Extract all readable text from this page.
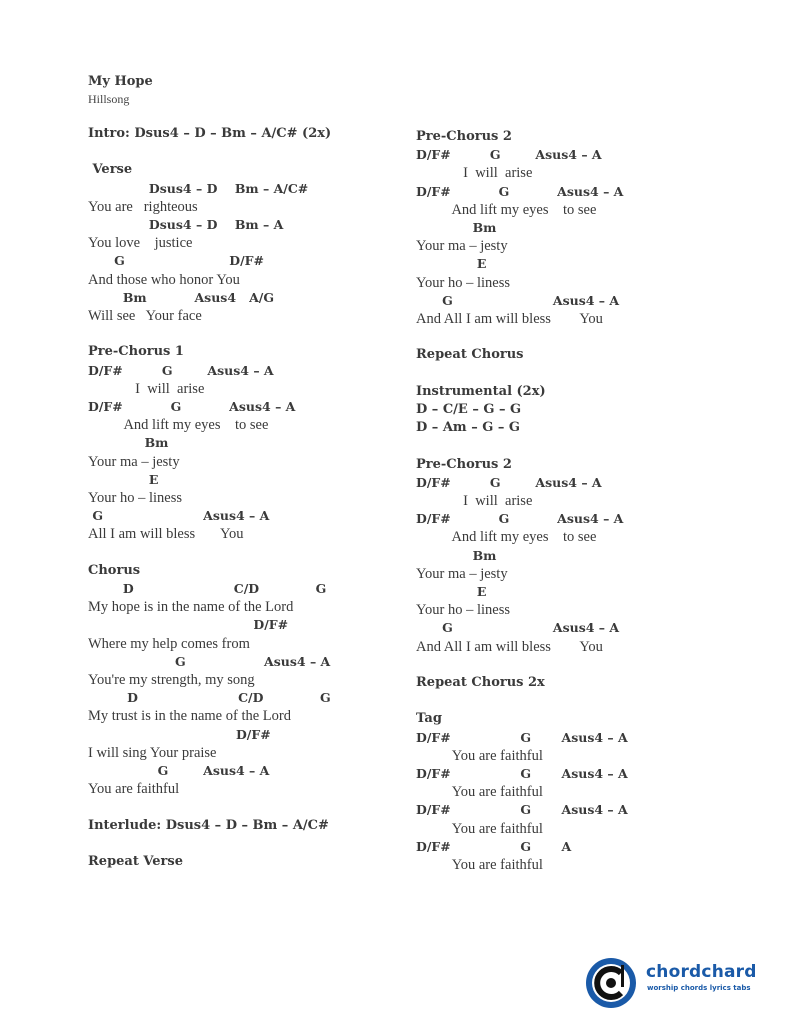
My Hope
Hillsong
Intro: Dsus4 – D – Bm – A/C# (2x)
Verse
Dsus4 – D    Bm – A/C#
You are   righteous
Dsus4 – D    Bm – A
You love    justice
G                        D/F#
And those who honor You
Bm           Asus4   A/G
Will see   Your face
Pre-Chorus 1
D/F#         G        Asus4 – A
I  will  arise
D/F#           G           Asus4 – A
And lift my eyes    to see
Bm
Your ma – jesty
E
Your ho – liness
G                       Asus4 – A
All I am will bless       You
Chorus
D                       C/D             G
My hope is in the name of the Lord
D/F#
Where my help comes from
G                  Asus4 – A
You're my strength, my song
D                       C/D             G
My trust is in the name of the Lord
D/F#
I will sing Your praise
G        Asus4 – A
You are faithful
Interlude: Dsus4 – D – Bm – A/C#
Repeat Verse
Pre-Chorus 2
D/F#         G        Asus4 – A
I  will  arise
D/F#           G           Asus4 – A
And lift my eyes    to see
Bm
Your ma – jesty
E
Your ho – liness
G                       Asus4 – A
And All I am will bless        You
Repeat Chorus
Instrumental (2x)
D – C/E – G – G
D – Am – G – G
Pre-Chorus 2
D/F#         G        Asus4 – A
I  will  arise
D/F#           G           Asus4 – A
And lift my eyes    to see
Bm
Your ma – jesty
E
Your ho – liness
G                       Asus4 – A
And All I am will bless        You
Repeat Chorus 2x
Tag
D/F#                G       Asus4 – A
You are faithful
D/F#                G       Asus4 – A
You are faithful
D/F#                G       Asus4 – A
You are faithful
D/F#                G       A
You are faithful
chordchard
worship chords lyrics tabs
